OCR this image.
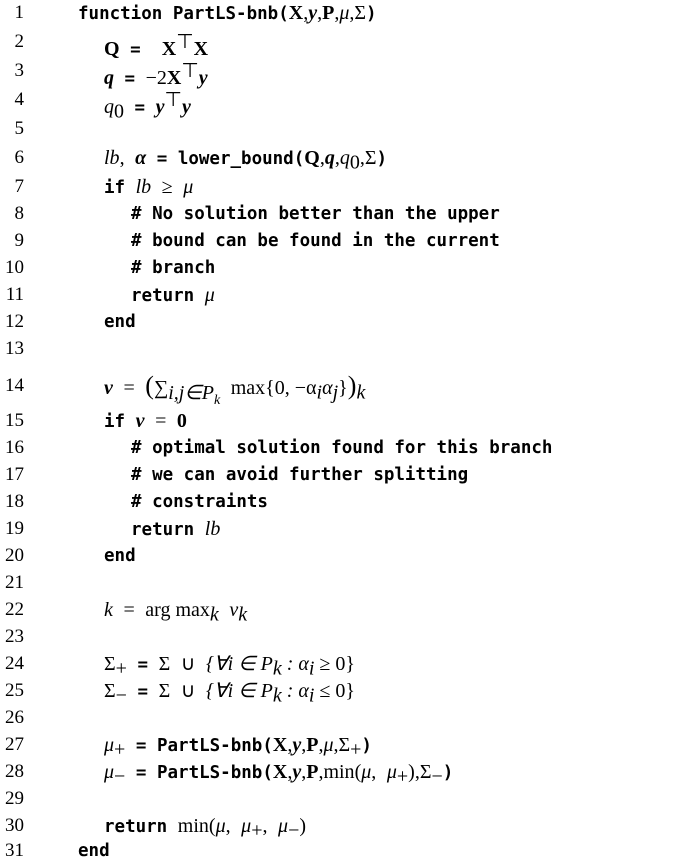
1	function PartLS-bnb(X,y,P,μ,Σ)
2	Q = X⊤X
3	q = −2X⊤y
4	$q_0 = y^⊤y$
5
6	lb, $\alpha = lower\_bound(Q,q,q_0,\Sigma)$
7	if lb ≥ μ
8	# No solution better than the upper
9	# bound can be found in the current
10	# branch
11	return μ
12	end
13
14	$\nu = (\sum_{i,j\in P_k}$ max{0, $-\alpha_i\alpha_j\})_k$
15	if ν = 0
16	# optimal solution found for this branch
17	# we can avoid further splitting
18	# constraints
19	return lb
20	end
21
22	k = arg $\max_k v_k$
23
24	$\Sigma_+ = \Sigma$ ∪ {∀i ∈ $P_k$ : $\alpha_i \ge 0$}
25	$\Sigma_- = \Sigma$ ∪ {∀i ∈ $P_k$ : $\alpha_i \le 0$}
26
27	$\mu_+$ = PartLS-$bnb(X,y,P,\mu,\Sigma_+)$
28	$\mu_-$ = PartLS-bnb(X,y,P,min(μ, $\mu_+),\Sigma_-$)
29
30	return min(μ, $\mu_+$, $\mu_-$)
31	end
